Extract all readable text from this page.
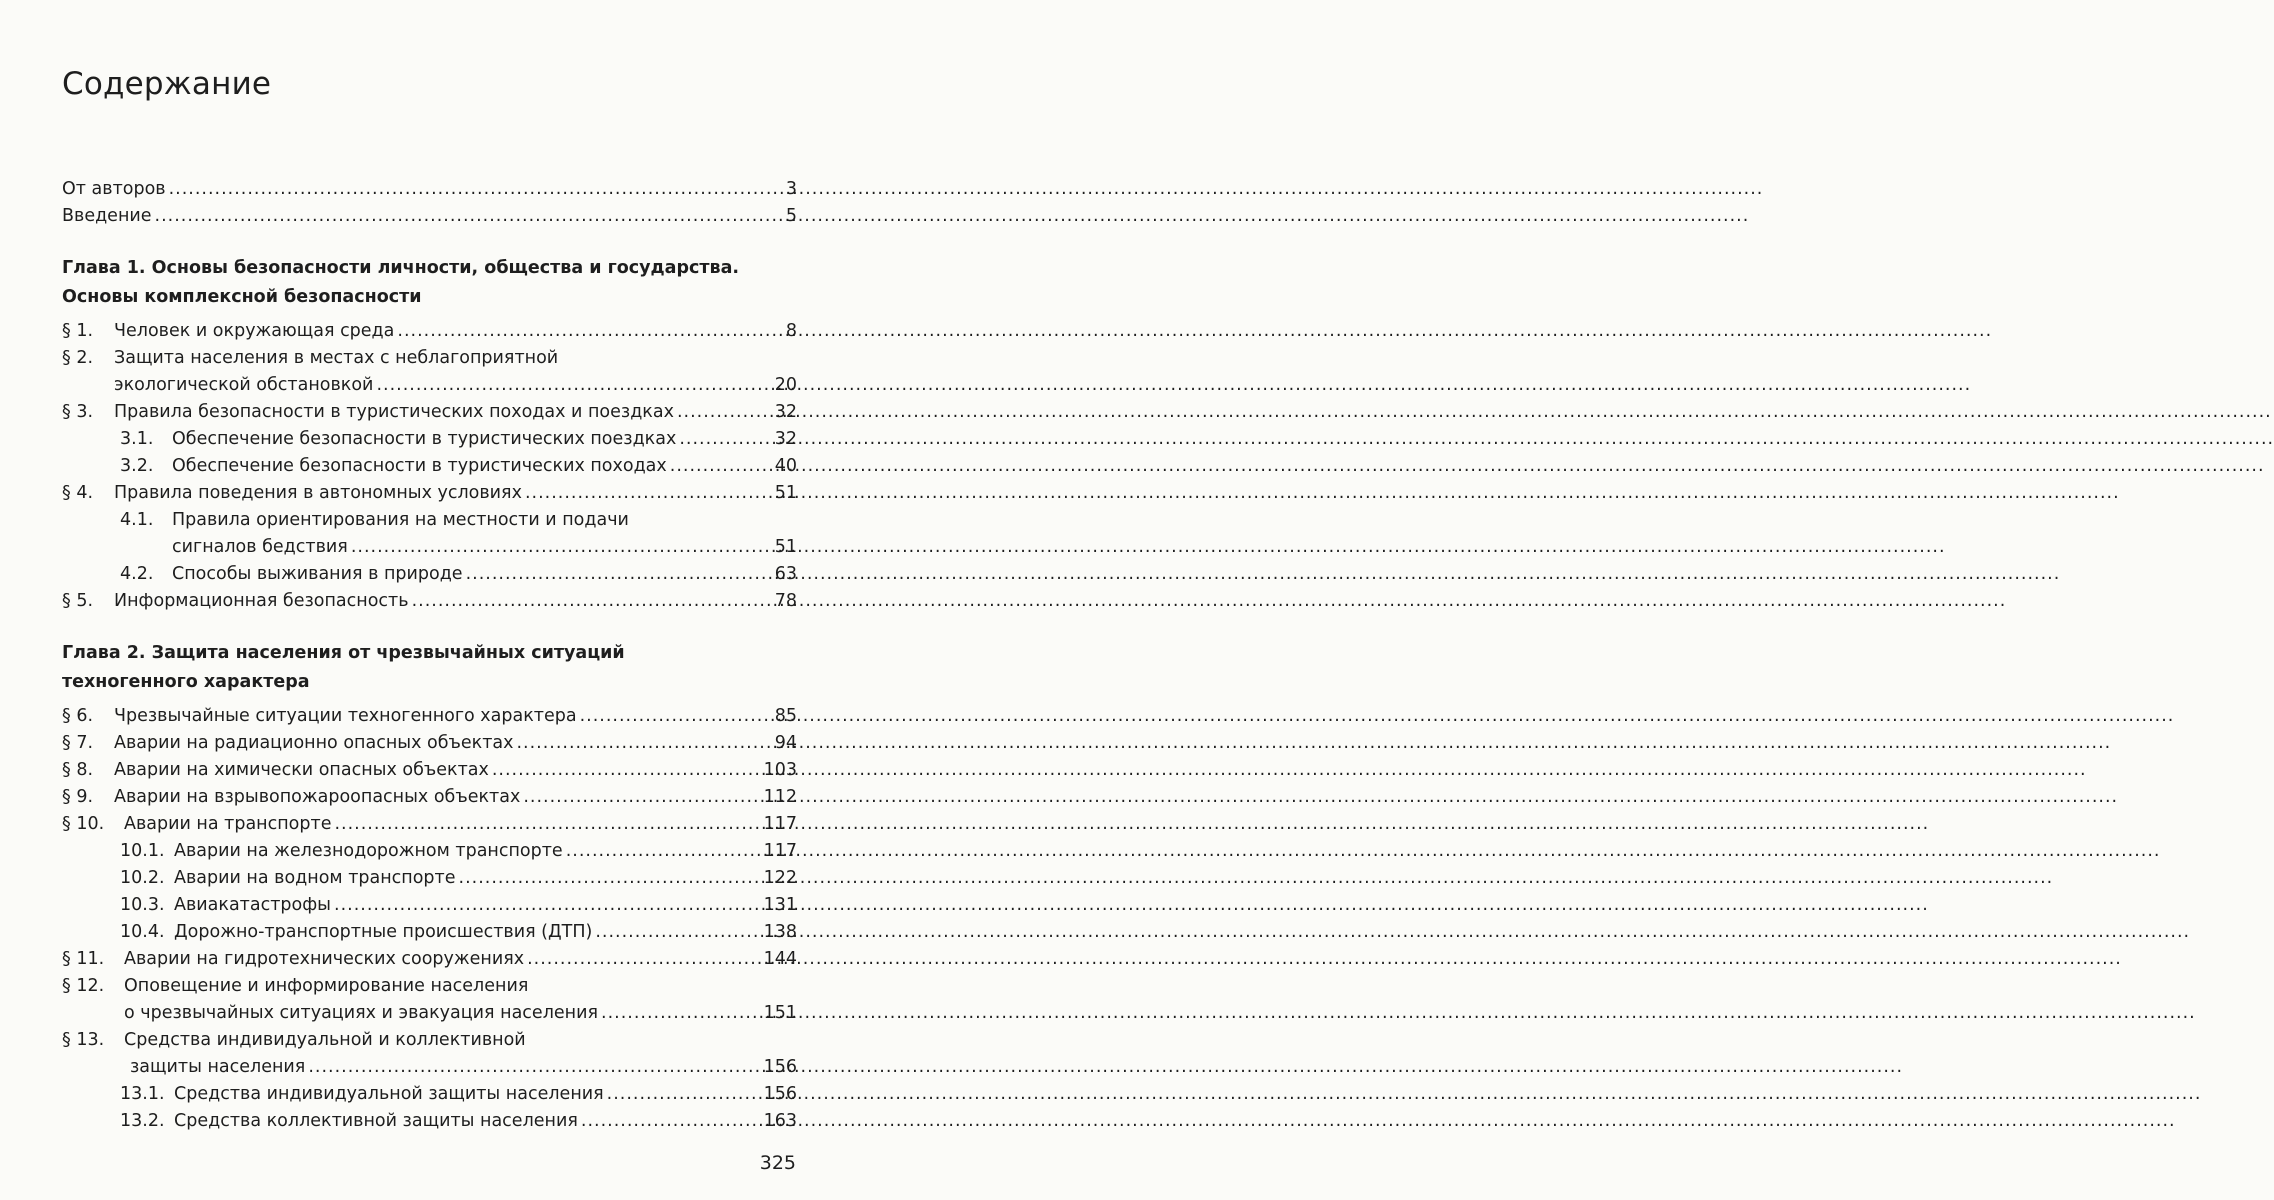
Содержание
От авторов .....	3
Введение .....	5
Глава 1. Основы безопасности личности, общества и государства.
Основы комплексной безопасности
§ 1.	Человек и окружающая среда .....	8
§ 2.	Защита населения в местах с неблагоприятной
экологической обстановкой .....	20
§ 3.	Правила безопасности в туристических походах и поездках .....	32
3.1.	Обеспечение безопасности в туристических поездках .....	32
3.2.	Обеспечение безопасности в туристических походах .....	40
§ 4.	Правила поведения в автономных условиях .....	51
4.1.	Правила ориентирования на местности и подачи
сигналов бедствия .....	51
4.2.	Способы выживания в природе .....	63
§ 5.	Информационная безопасность .....	78
Глава 2. Защита населения от чрезвычайных ситуаций
техногенного характера
§ 6.	Чрезвычайные ситуации техногенного характера .....	85
§ 7.	Аварии на радиационно опасных объектах .....	94
§ 8.	Аварии на химически опасных объектах .....	103
§ 9.	Аварии на взрывопожароопасных объектах .....	112
§ 10.	Аварии на транспорте .....	117
10.1. Аварии на железнодорожном транспорте .....	117
10.2. Аварии на водном транспорте .....	122
10.3. Авиакатастрофы .....	131
10.4. Дорожно-транспортные происшествия (ДТП) .....	138
§ 11.	Аварии на гидротехнических сооружениях .....	144
§ 12.	Оповещение и информирование населения
о чрезвычайных ситуациях и эвакуация населения .....	151
§ 13.	Средства индивидуальной и коллективной
защиты населения .....	156
13.1. Средства индивидуальной защиты населения .....	156
13.2. Средства коллективной защиты населения .....	163
325
